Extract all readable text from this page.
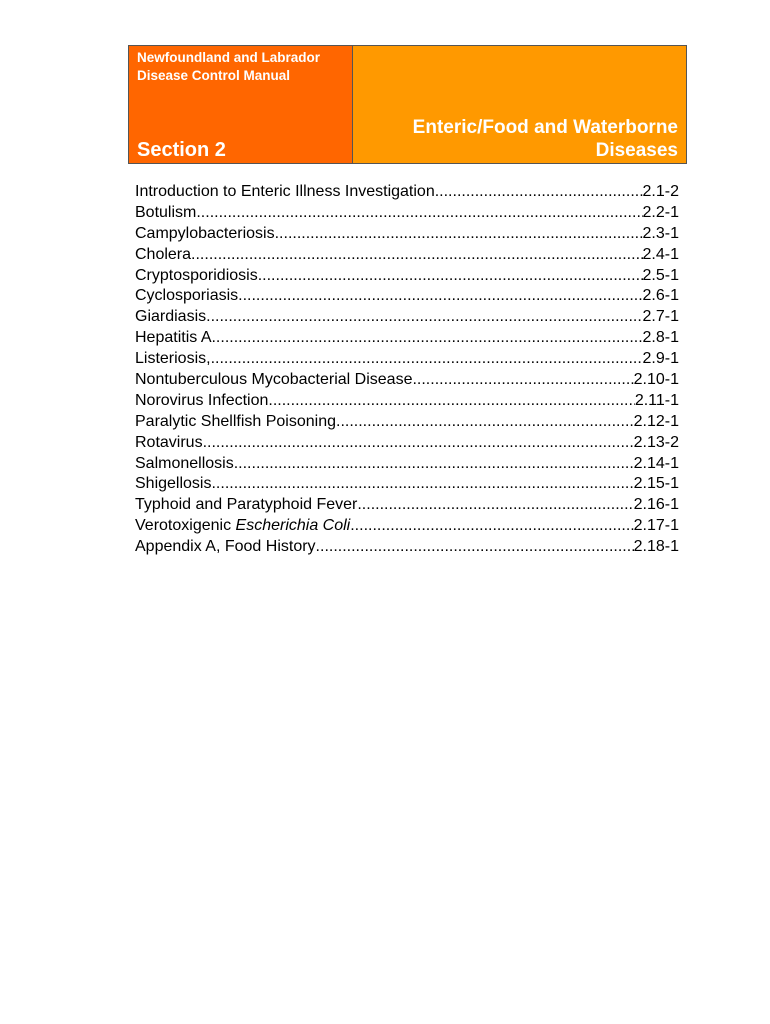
Newfoundland and Labrador
Disease Control Manual

Section 2

Enteric/Food and Waterborne
Diseases
Introduction to Enteric Illness Investigation .....	2.1-2
Botulism .....	2.2-1
Campylobacteriosis .....	2.3-1
Cholera .....	2.4-1
Cryptosporidiosis .....	2.5-1
Cyclosporiasis .....	2.6-1
Giardiasis. .....	2.7-1
Hepatitis A .....	2.8-1
Listeriosis, .....	2.9-1
Nontuberculous Mycobacterial Disease .....	2.10-1
Norovirus Infection .....	2.11-1
Paralytic Shellfish Poisoning .....	2.12-1
Rotavirus .....	2.13-2
Salmonellosis .....	2.14-1
Shigellosis .....	2.15-1
Typhoid and Paratyphoid Fever .....	2.16-1
Verotoxigenic Escherichia Coli .....	2.17-1
Appendix A, Food History .....	2.18-1
